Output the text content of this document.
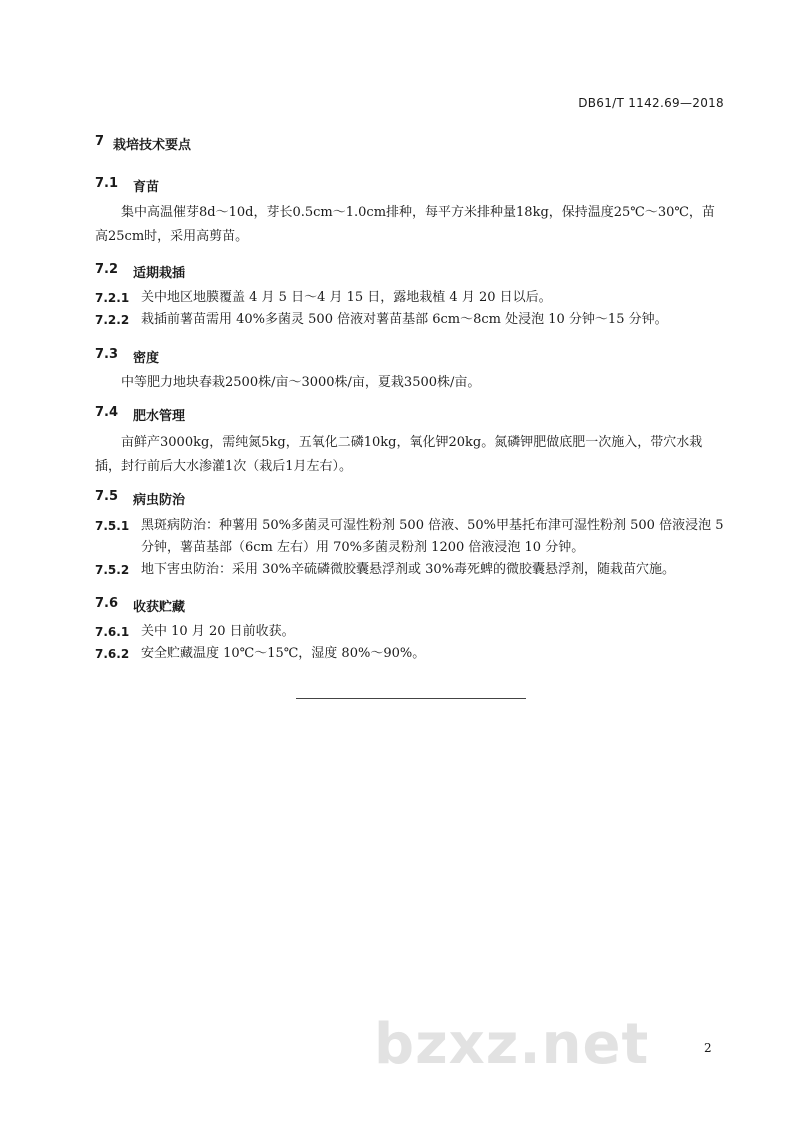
DB61/T 1142.69—2018
7 栽培技术要点
7.1	育苗
集中高温催芽8d～10d，芽长0.5cm～1.0cm排种，每平方米排种量18kg，保持温度25℃～30℃，苗高25cm时，采用高剪苗。
7.2	适期栽插
7.2.1 关中地区地膜覆盖 4 月 5 日～4 月 15 日，露地栽植 4 月 20 日以后。
7.2.2 栽插前薯苗需用 40%多菌灵 500 倍液对薯苗基部 6cm～8cm 处浸泡 10 分钟～15 分钟。
7.3	密度
中等肥力地块春栽2500株/亩～3000株/亩，夏栽3500株/亩。
7.4	肥水管理
亩鲜产3000kg，需纯氮5kg，五氧化二磷10kg，氧化钾20kg。氮磷钾肥做底肥一次施入，带穴水栽插，封行前后大水渗灌1次（栽后1月左右）。
7.5	病虫防治
7.5.1 黑斑病防治：种薯用 50%多菌灵可湿性粉剂 500 倍液、50%甲基托布津可湿性粉剂 500 倍液浸泡 5 分钟，薯苗基部（6cm 左右）用 70%多菌灵粉剂 1200 倍液浸泡 10 分钟。
7.5.2 地下害虫防治：采用 30%辛硫磷微胶囊悬浮剂或 30%毒死蜱的微胶囊悬浮剂，随栽苗穴施。
7.6	收获贮藏
7.6.1 关中 10 月 20 日前收获。
7.6.2 安全贮藏温度 10℃～15℃，湿度 80%～90%。
bzxz.net	2
